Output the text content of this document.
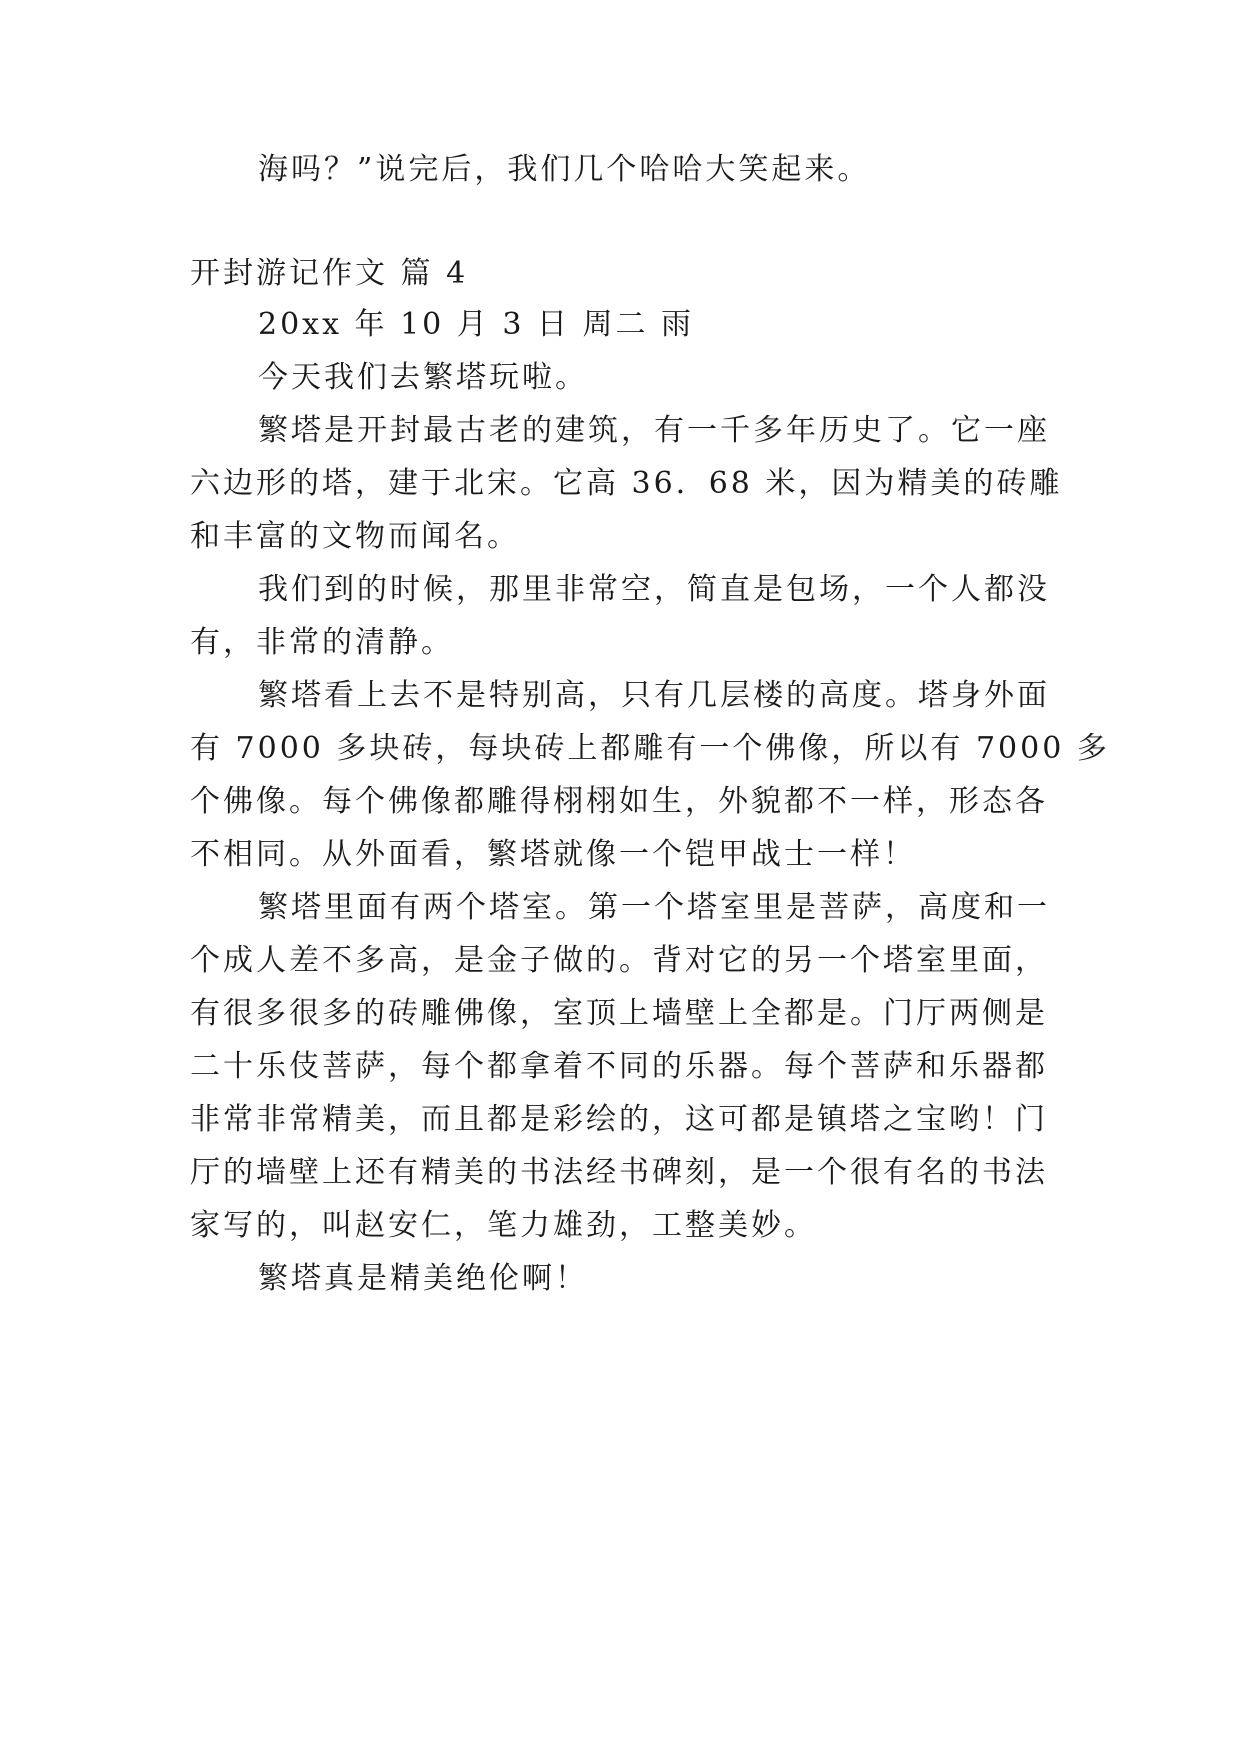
海吗？”说完后，我们几个哈哈大笑起来。
开封游记作文 篇 4
20xx 年 10 月 3 日 周二 雨
今天我们去繁塔玩啦。
繁塔是开封最古老的建筑，有一千多年历史了。它一座
六边形的塔，建于北宋。它高 36．68 米，因为精美的砖雕
和丰富的文物而闻名。
我们到的时候，那里非常空，简直是包场，一个人都没
有，非常的清静。
繁塔看上去不是特别高，只有几层楼的高度。塔身外面
有 7000 多块砖，每块砖上都雕有一个佛像，所以有 7000 多
个佛像。每个佛像都雕得栩栩如生，外貌都不一样，形态各
不相同。从外面看，繁塔就像一个铠甲战士一样！
繁塔里面有两个塔室。第一个塔室里是菩萨，高度和一
个成人差不多高，是金子做的。背对它的另一个塔室里面，
有很多很多的砖雕佛像，室顶上墙壁上全都是。门厅两侧是
二十乐伎菩萨，每个都拿着不同的乐器。每个菩萨和乐器都
非常非常精美，而且都是彩绘的，这可都是镇塔之宝哟！门
厅的墙壁上还有精美的书法经书碑刻，是一个很有名的书法
家写的，叫赵安仁，笔力雄劲，工整美妙。
繁塔真是精美绝伦啊！
